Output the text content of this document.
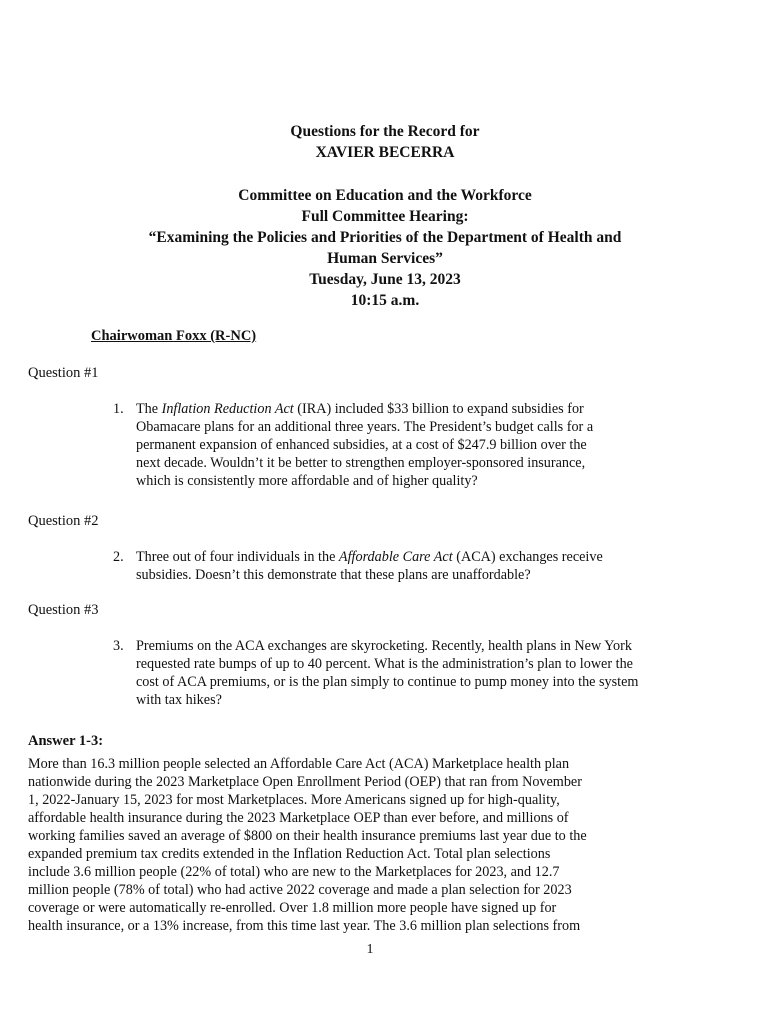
Questions for the Record for
XAVIER BECERRA
Committee on Education and the Workforce
Full Committee Hearing:
“Examining the Policies and Priorities of the Department of Health and
Human Services”
Tuesday, June 13, 2023
10:15 a.m.
Chairwoman Foxx (R-NC)
Question #1
1. The Inflation Reduction Act (IRA) included $33 billion to expand subsidies for
Obamacare plans for an additional three years. The President’s budget calls for a
permanent expansion of enhanced subsidies, at a cost of $247.9 billion over the
next decade. Wouldn’t it be better to strengthen employer-sponsored insurance,
which is consistently more affordable and of higher quality?
Question #2
2. Three out of four individuals in the Affordable Care Act (ACA) exchanges receive
subsidies. Doesn’t this demonstrate that these plans are unaffordable?
Question #3
3. Premiums on the ACA exchanges are skyrocketing. Recently, health plans in New York
requested rate bumps of up to 40 percent. What is the administration’s plan to lower the
cost of ACA premiums, or is the plan simply to continue to pump money into the system
with tax hikes?
Answer 1-3:
More than 16.3 million people selected an Affordable Care Act (ACA) Marketplace health plan
nationwide during the 2023 Marketplace Open Enrollment Period (OEP) that ran from November
1, 2022-January 15, 2023 for most Marketplaces. More Americans signed up for high-quality,
affordable health insurance during the 2023 Marketplace OEP than ever before, and millions of
working families saved an average of $800 on their health insurance premiums last year due to the
expanded premium tax credits extended in the Inflation Reduction Act. Total plan selections
include 3.6 million people (22% of total) who are new to the Marketplaces for 2023, and 12.7
million people (78% of total) who had active 2022 coverage and made a plan selection for 2023
coverage or were automatically re-enrolled. Over 1.8 million more people have signed up for
health insurance, or a 13% increase, from this time last year. The 3.6 million plan selections from
1
